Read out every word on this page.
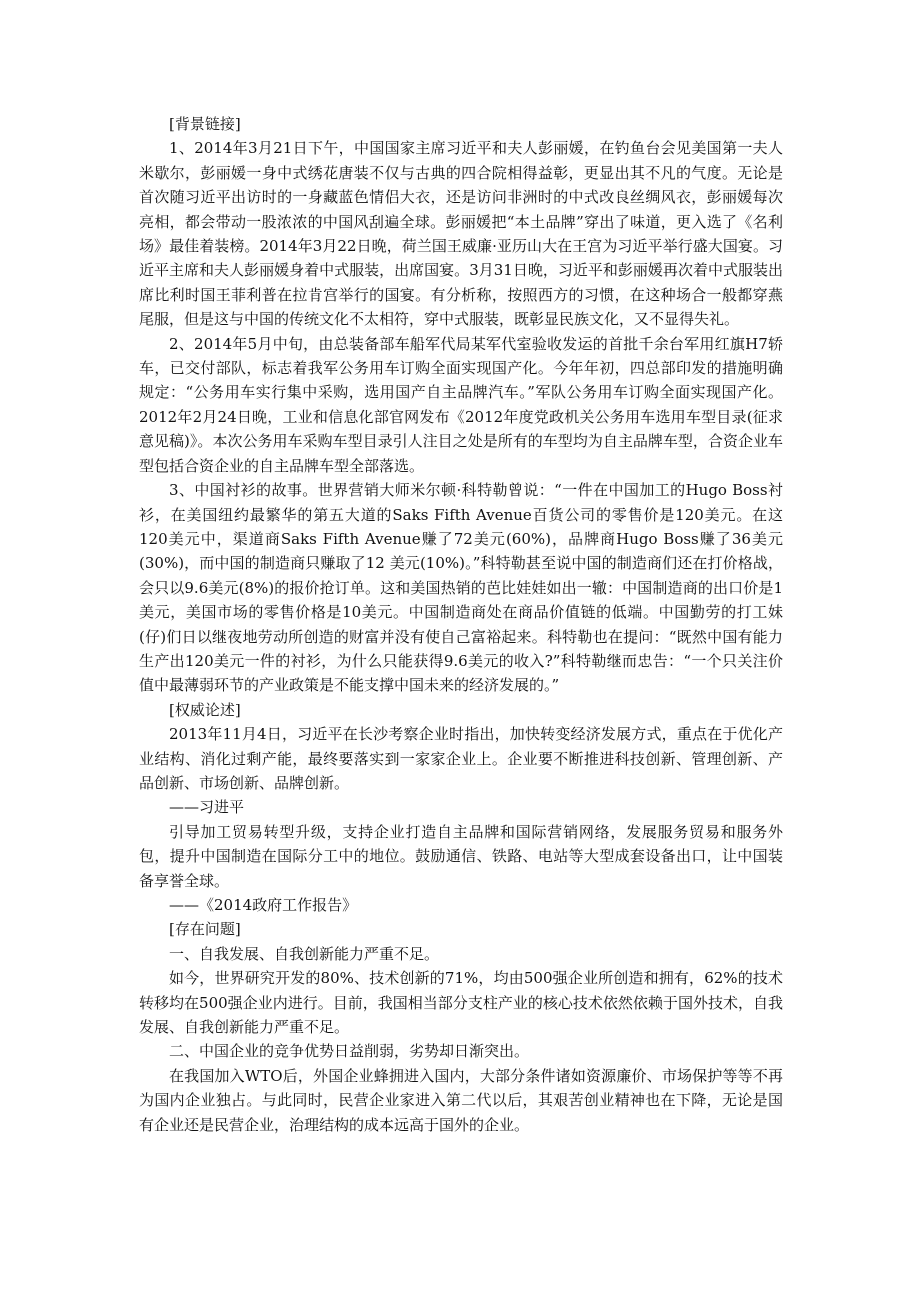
[背景链接]

1、2014年3月21日下午，中国国家主席习近平和夫人彭丽媛，在钓鱼台会见美国第一夫人米歇尔，彭丽媛一身中式绣花唐装不仅与古典的四合院相得益彰，更显出其不凡的气度。无论是首次随习近平出访时的一身藏蓝色情侣大衣，还是访问非洲时的中式改良丝绸风衣，彭丽媛每次亮相，都会带动一股浓浓的中国风刮遍全球。彭丽媛把“本土品牌”穿出了味道，更入选了《名利场》最佳着装榜。2014年3月22日晚，荷兰国王威廉·亚历山大在王宫为习近平举行盛大国宴。习近平主席和夫人彭丽媛身着中式服装，出席国宴。3月31日晚，习近平和彭丽媛再次着中式服装出席比利时国王菲利普在拉肯宫举行的国宴。有分析称，按照西方的习惯，在这种场合一般都穿燕尾服，但是这与中国的传统文化不太相符，穿中式服装，既彰显民族文化，又不显得失礼。

2、2014年5月中旬，由总装备部车船军代局某军代室验收发运的首批千余台军用红旗H7轿车，已交付部队，标志着我军公务用车订购全面实现国产化。今年年初，四总部印发的措施明确规定：“公务用车实行集中采购，选用国产自主品牌汽车。”军队公务用车订购全面实现国产化。2012年2月24日晚，工业和信息化部官网发布《2012年度党政机关公务用车选用车型目录(征求意见稿)》。本次公务用车采购车型目录引人注目之处是所有的车型均为自主品牌车型，合资企业车型包括合资企业的自主品牌车型全部落选。

3、中国衬衫的故事。世界营销大师米尔顿·科特勒曾说：“一件在中国加工的Hugo Boss衬衫，在美国纽约最繁华的第五大道的Saks Fifth Avenue百货公司的零售价是120美元。在这120美元中，渠道商Saks Fifth Avenue赚了72美元(60%)，品牌商Hugo Boss赚了36美元(30%)，而中国的制造商只赚取了12 美元(10%)。”科特勒甚至说中国的制造商们还在打价格战，会只以9.6美元(8%)的报价抢订单。这和美国热销的芭比娃娃如出一辙：中国制造商的出口价是1美元，美国市场的零售价格是10美元。中国制造商处在商品价值链的低端。中国勤劳的打工妹(仔)们日以继夜地劳动所创造的财富并没有使自己富裕起来。科特勒也在提问：“既然中国有能力生产出120美元一件的衬衫，为什么只能获得9.6美元的收入?”科特勒继而忠告：“一个只关注价值中最薄弱环节的产业政策是不能支撑中国未来的经济发展的。”

[权威论述]

2013年11月4日，习近平在长沙考察企业时指出，加快转变经济发展方式，重点在于优化产业结构、消化过剩产能，最终要落实到一家家企业上。企业要不断推进科技创新、管理创新、产品创新、市场创新、品牌创新。

——习进平

引导加工贸易转型升级，支持企业打造自主品牌和国际营销网络，发展服务贸易和服务外包，提升中国制造在国际分工中的地位。鼓励通信、铁路、电站等大型成套设备出口，让中国装备享誉全球。

——《2014政府工作报告》

[存在问题]

一、自我发展、自我创新能力严重不足。

如今，世界研究开发的80%、技术创新的71%，均由500强企业所创造和拥有，62%的技术转移均在500强企业内进行。目前，我国相当部分支柱产业的核心技术依然依赖于国外技术，自我发展、自我创新能力严重不足。

二、中国企业的竞争优势日益削弱，劣势却日渐突出。

在我国加入WTO后，外国企业蜂拥进入国内，大部分条件诸如资源廉价、市场保护等等不再为国内企业独占。与此同时，民营企业家进入第二代以后，其艰苦创业精神也在下降，无论是国有企业还是民营企业，治理结构的成本远高于国外的企业。
